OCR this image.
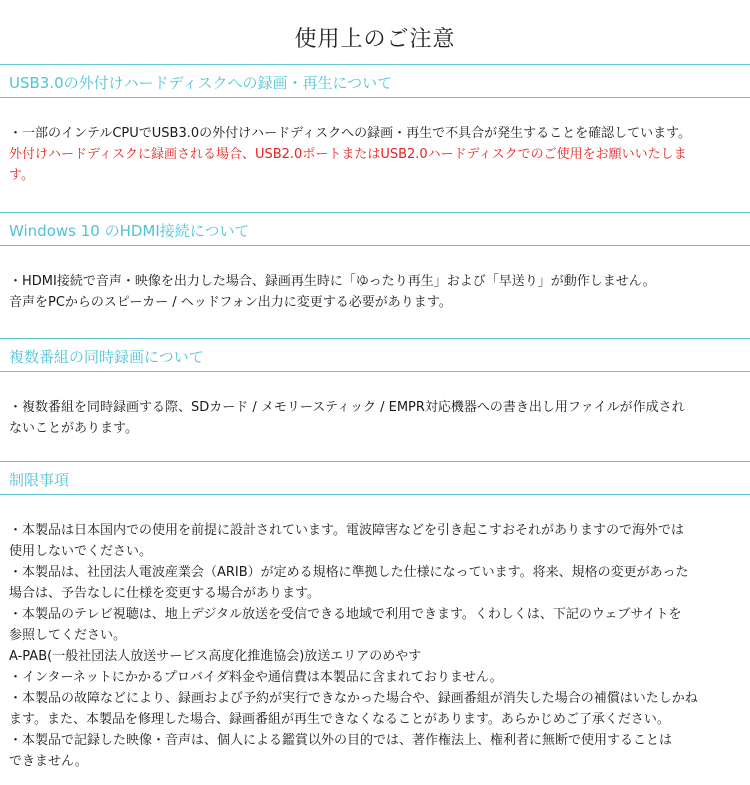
使用上のご注意
USB3.0の外付けハードディスクへの録画・再生について
・一部のインテルCPUでUSB3.0の外付けハードディスクへの録画・再生で不具合が発生することを確認しています。
外付けハードディスクに録画される場合、USB2.0ポートまたはUSB2.0ハードディスクでのご使用をお願いいたしま
す。
Windows 10 のHDMI接続について
・HDMI接続で音声・映像を出力した場合、録画再生時に「ゆったり再生」および「早送り」が動作しません。
音声をPCからのスピーカー / ヘッドフォン出力に変更する必要があります。
複数番組の同時録画について
・複数番組を同時録画する際、SDカード / メモリースティック / EMPR対応機器への書き出し用ファイルが作成され
ないことがあります。
制限事項
・本製品は日本国内での使用を前提に設計されています。電波障害などを引き起こすおそれがありますので海外では
使用しないでください。
・本製品は、社団法人電波産業会（ARIB）が定める規格に準拠した仕様になっています。将来、規格の変更があった
場合は、予告なしに仕様を変更する場合があります。
・本製品のテレビ視聴は、地上デジタル放送を受信できる地域で利用できます。くわしくは、下記のウェブサイトを
参照してください。
A-PAB(一般社団法人放送サービス高度化推進協会)放送エリアのめやす
・インターネットにかかるプロバイダ料金や通信費は本製品に含まれておりません。
・本製品の故障などにより、録画および予約が実行できなかった場合や、録画番組が消失した場合の補償はいたしかね
ます。また、本製品を修理した場合、録画番組が再生できなくなることがあります。あらかじめご了承ください。
・本製品で記録した映像・音声は、個人による鑑賞以外の目的では、著作権法上、権利者に無断で使用することは
できません。
